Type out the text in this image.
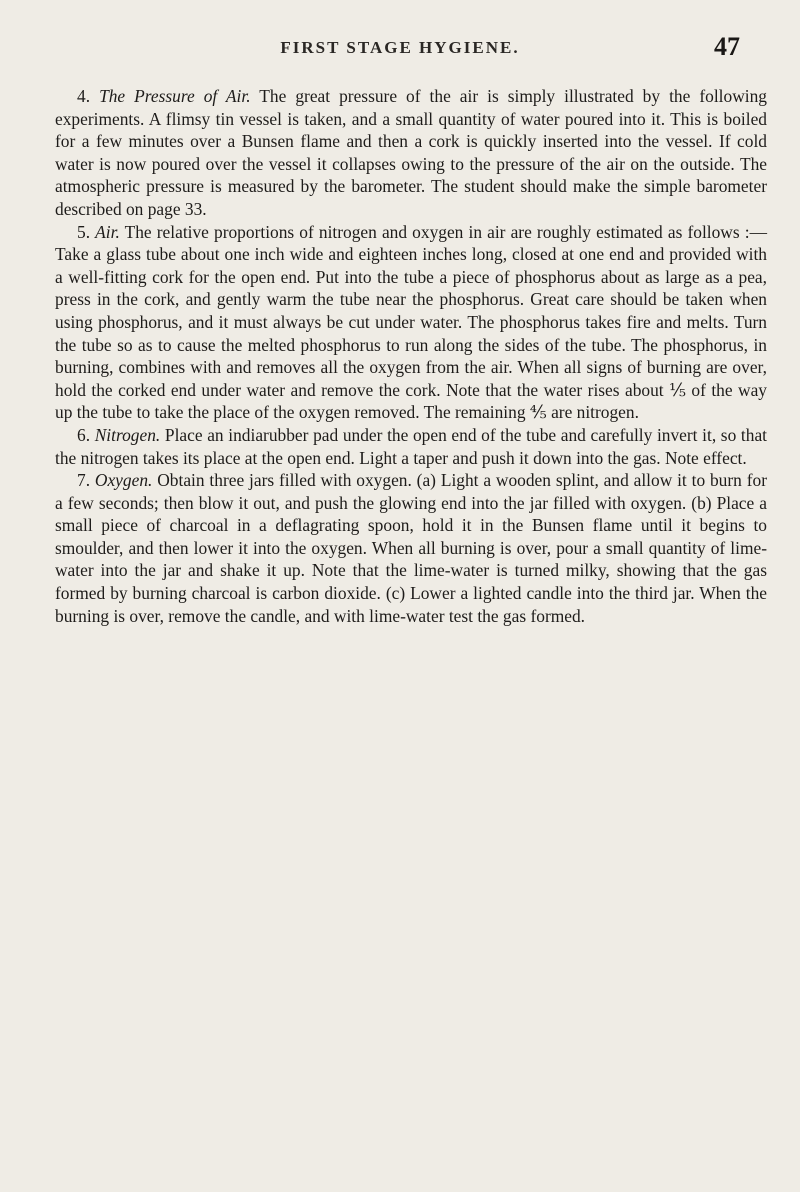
FIRST STAGE HYGIENE.	47

4. The Pressure of Air. The great pressure of the air is simply illustrated by the following experiments. A flimsy tin vessel is taken, and a small quantity of water poured into it. This is boiled for a few minutes over a Bunsen flame and then a cork is quickly inserted into the vessel. If cold water is now poured over the vessel it collapses owing to the pressure of the air on the outside. The atmospheric pressure is measured by the barometer. The student should make the simple barometer described on page 33.

5. Air. The relative proportions of nitrogen and oxygen in air are roughly estimated as follows :—Take a glass tube about one inch wide and eighteen inches long, closed at one end and provided with a well-fitting cork for the open end. Put into the tube a piece of phosphorus about as large as a pea, press in the cork, and gently warm the tube near the phosphorus. Great care should be taken when using phosphorus, and it must always be cut under water. The phosphorus takes fire and melts. Turn the tube so as to cause the melted phosphorus to run along the sides of the tube. The phosphorus, in burning, combines with and removes all the oxygen from the air. When all signs of burning are over, hold the corked end under water and remove the cork. Note that the water rises about ⅕ of the way up the tube to take the place of the oxygen removed. The remaining ⅘ are nitrogen.

6. Nitrogen. Place an indiarubber pad under the open end of the tube and carefully invert it, so that the nitrogen takes its place at the open end. Light a taper and push it down into the gas. Note effect.

7. Oxygen. Obtain three jars filled with oxygen. (a) Light a wooden splint, and allow it to burn for a few seconds; then blow it out, and push the glowing end into the jar filled with oxygen. (b) Place a small piece of charcoal in a deflagrating spoon, hold it in the Bunsen flame until it begins to smoulder, and then lower it into the oxygen. When all burning is over, pour a small quantity of lime-water into the jar and shake it up. Note that the lime-water is turned milky, showing that the gas formed by burning charcoal is carbon dioxide. (c) Lower a lighted candle into the third jar. When the burning is over, remove the candle, and with lime-water test the gas formed.
